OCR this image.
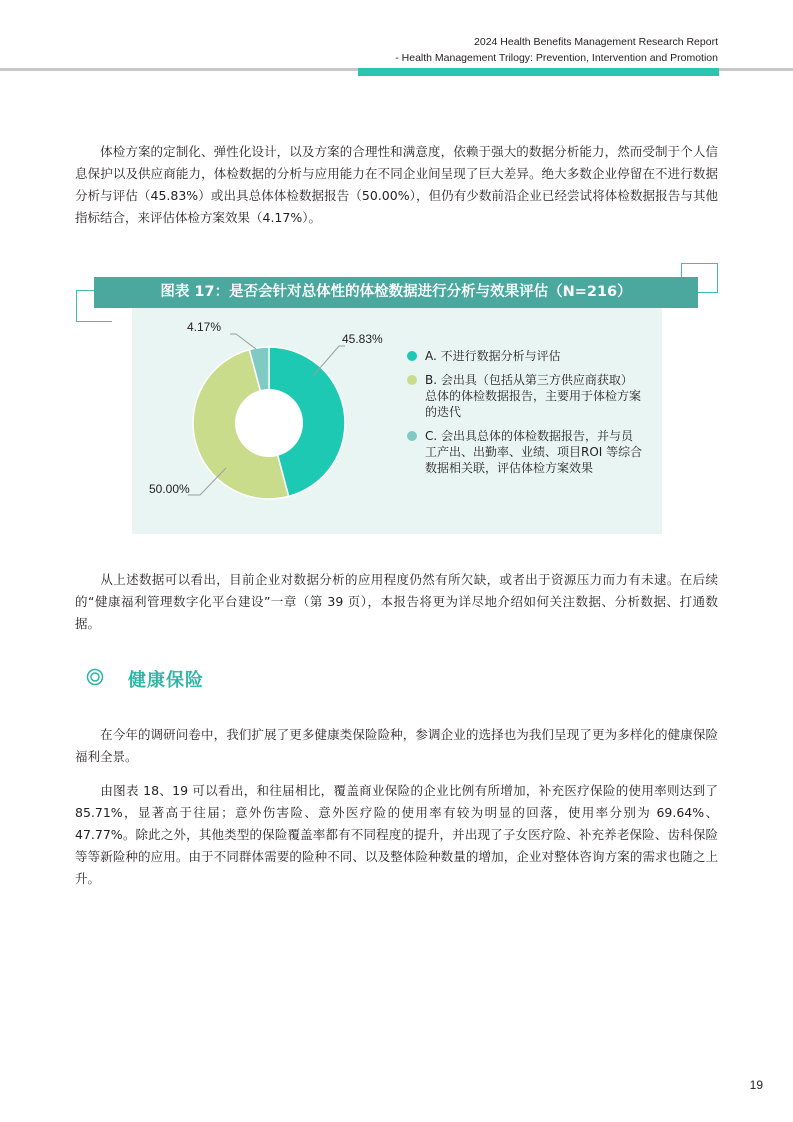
2024 Health Benefits Management Research Report
- Health Management Trilogy: Prevention, Intervention and Promotion

体检方案的定制化、弹性化设计，以及方案的合理性和满意度，依赖于强大的数据分析能力，然而受制于个人信息保护以及供应商能力，体检数据的分析与应用能力在不同企业间呈现了巨大差异。绝大多数企业停留在不进行数据分析与评估（45.83%）或出具总体体检数据报告（50.00%），但仍有少数前沿企业已经尝试将体检数据报告与其他指标结合，来评估体检方案效果（4.17%）。

图表 17：是否会针对总体性的体检数据进行分析与效果评估（N=216）
45.83%
50.00%
4.17%
A. 不进行数据分析与评估
B. 会出具（包括从第三方供应商获取）总体的体检数据报告，主要用于体检方案的迭代
C. 会出具总体的体检数据报告，并与员工产出、出勤率、业绩、项目ROI 等综合数据相关联，评估体检方案效果

从上述数据可以看出，目前企业对数据分析的应用程度仍然有所欠缺，或者出于资源压力而力有未逮。在后续的“健康福利管理数字化平台建设”一章（第 39 页），本报告将更为详尽地介绍如何关注数据、分析数据、打通数据。

健康保险

在今年的调研问卷中，我们扩展了更多健康类保险险种，参调企业的选择也为我们呈现了更为多样化的健康保险福利全景。

由图表 18、19 可以看出，和往届相比，覆盖商业保险的企业比例有所增加，补充医疗保险的使用率则达到了 85.71%，显著高于往届；意外伤害险、意外医疗险的使用率有较为明显的回落，使用率分别为 69.64%、47.77%。除此之外，其他类型的保险覆盖率都有不同程度的提升，并出现了子女医疗险、补充养老保险、齿科保险等等新险种的应用。由于不同群体需要的险种不同、以及整体险种数量的增加，企业对整体咨询方案的需求也随之上升。

19
